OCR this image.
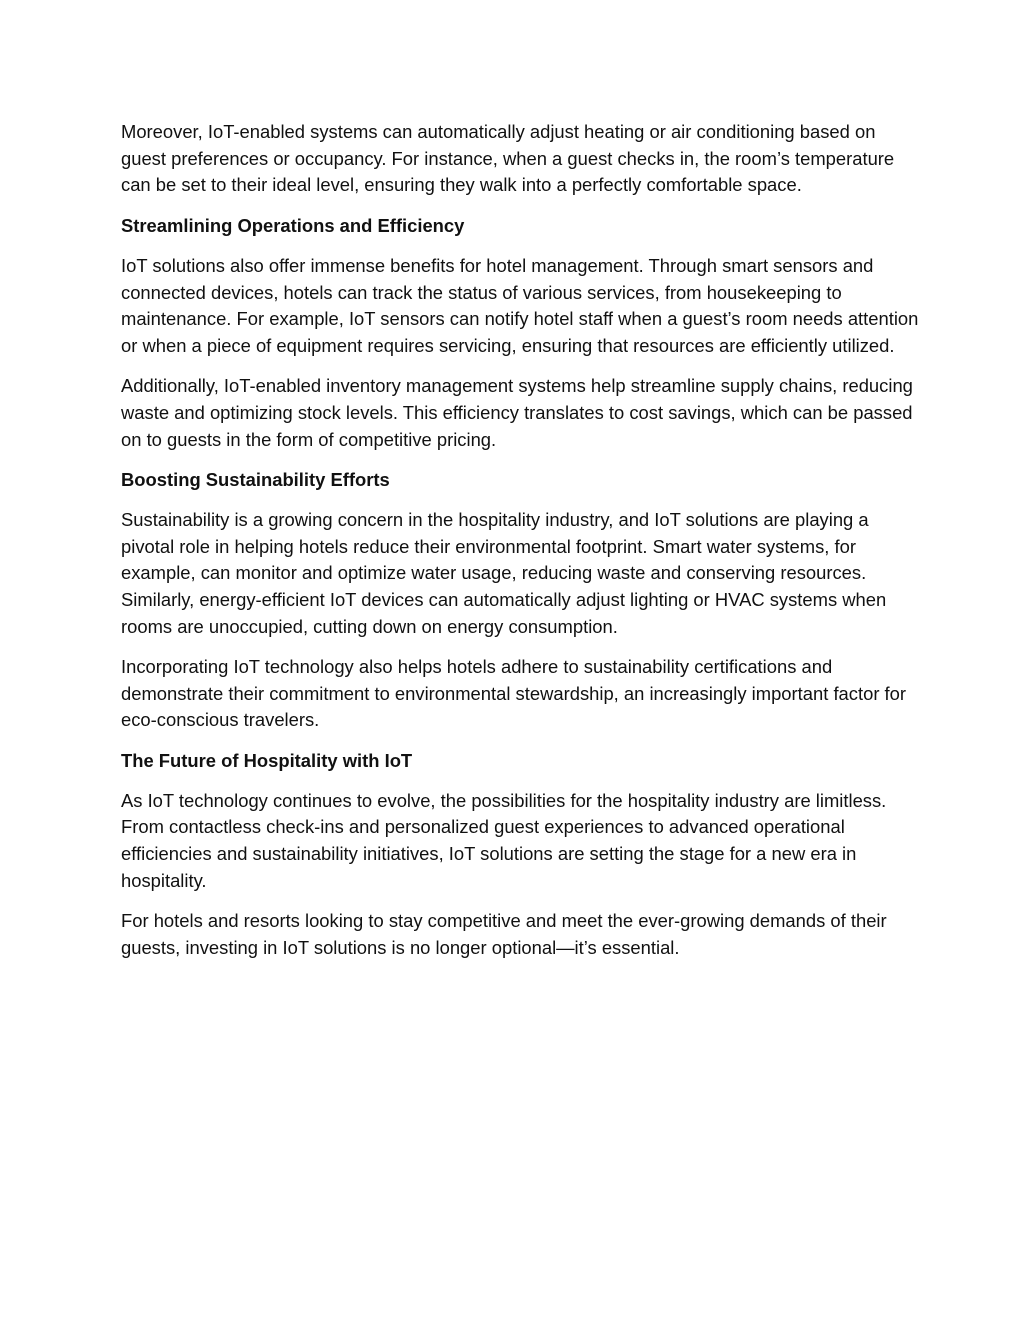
Moreover, IoT-enabled systems can automatically adjust heating or air conditioning based on guest preferences or occupancy. For instance, when a guest checks in, the room’s temperature can be set to their ideal level, ensuring they walk into a perfectly comfortable space.

Streamlining Operations and Efficiency

IoT solutions also offer immense benefits for hotel management. Through smart sensors and connected devices, hotels can track the status of various services, from housekeeping to maintenance. For example, IoT sensors can notify hotel staff when a guest’s room needs attention or when a piece of equipment requires servicing, ensuring that resources are efficiently utilized.

Additionally, IoT-enabled inventory management systems help streamline supply chains, reducing waste and optimizing stock levels. This efficiency translates to cost savings, which can be passed on to guests in the form of competitive pricing.

Boosting Sustainability Efforts

Sustainability is a growing concern in the hospitality industry, and IoT solutions are playing a pivotal role in helping hotels reduce their environmental footprint. Smart water systems, for example, can monitor and optimize water usage, reducing waste and conserving resources. Similarly, energy-efficient IoT devices can automatically adjust lighting or HVAC systems when rooms are unoccupied, cutting down on energy consumption.

Incorporating IoT technology also helps hotels adhere to sustainability certifications and demonstrate their commitment to environmental stewardship, an increasingly important factor for eco-conscious travelers.

The Future of Hospitality with IoT

As IoT technology continues to evolve, the possibilities for the hospitality industry are limitless. From contactless check-ins and personalized guest experiences to advanced operational efficiencies and sustainability initiatives, IoT solutions are setting the stage for a new era in hospitality.

For hotels and resorts looking to stay competitive and meet the ever-growing demands of their guests, investing in IoT solutions is no longer optional—it’s essential.
